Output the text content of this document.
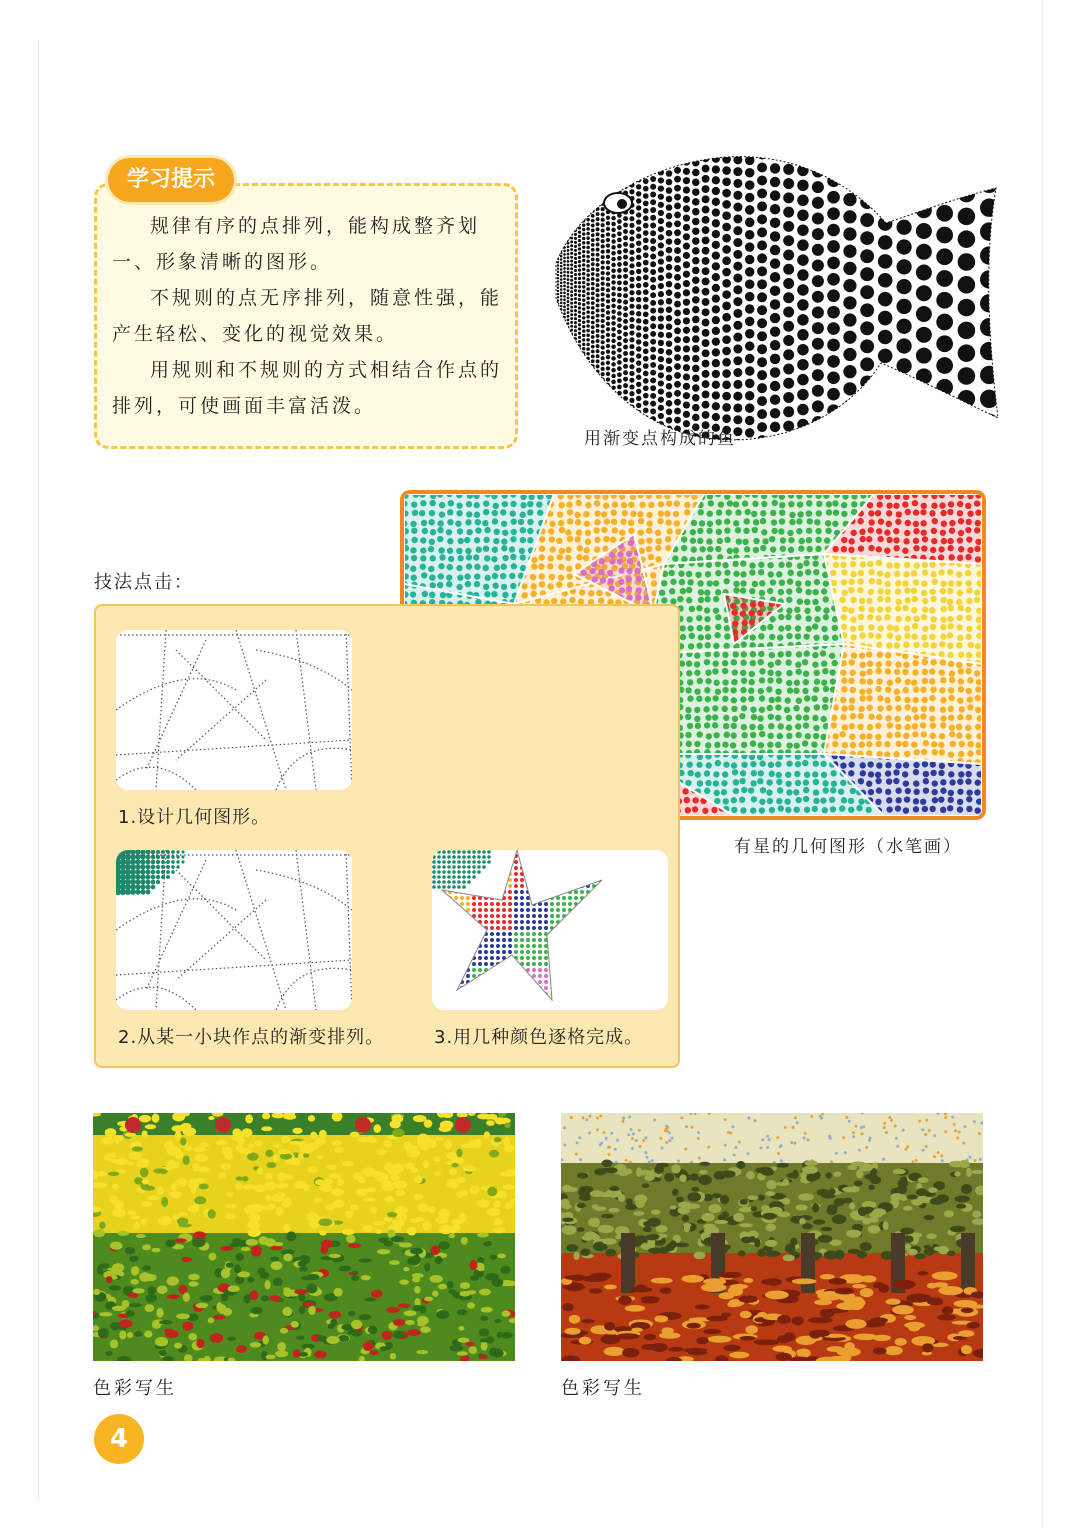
学习提示

规律有序的点排列，能构成整齐划一、形象清晰的图形。

不规则的点无序排列，随意性强，能产生轻松、变化的视觉效果。

用规则和不规则的方式相结合作点的排列，可使画面丰富活泼。

用渐变点构成的鱼
有星的几何图形（水笔画）
技法点击：
1.设计几何图形。
2.从某一小块作点的渐变排列。	3.用几种颜色逐格完成。
色彩写生	色彩写生
4
